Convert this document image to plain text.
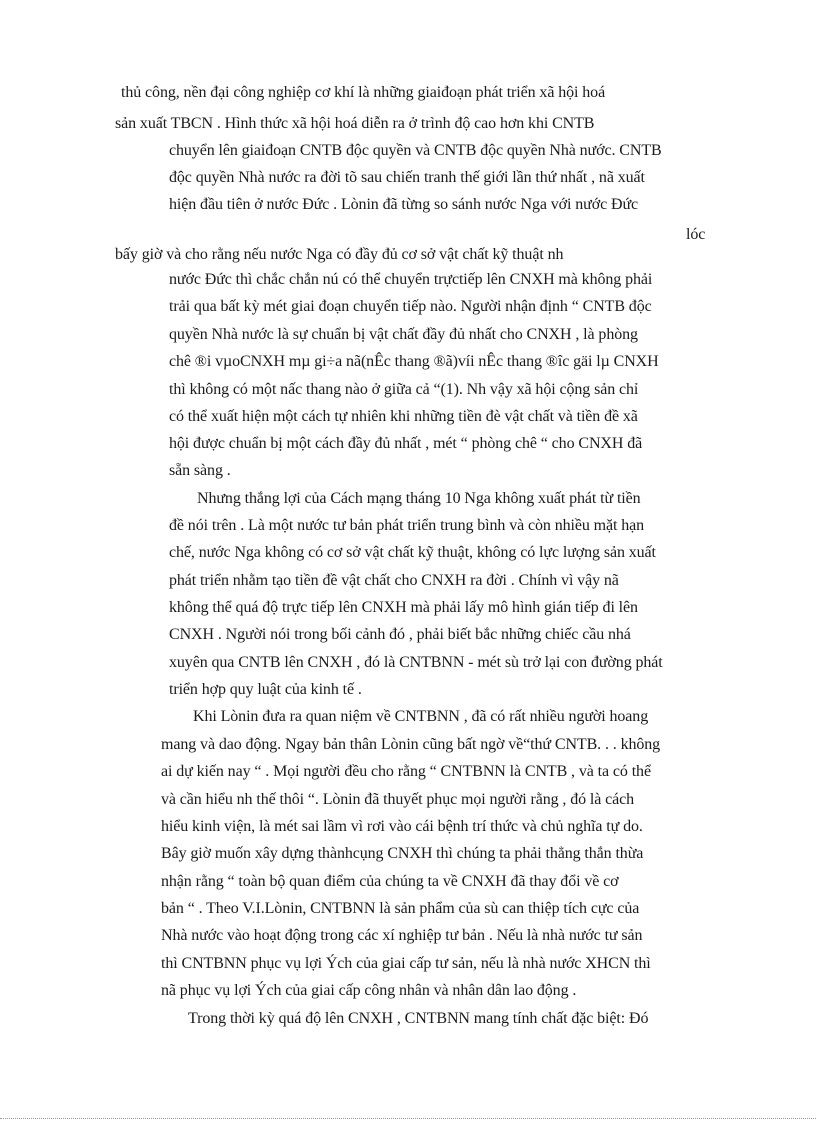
thủ công, nền đại công nghiệp cơ khí là những giaiđoạn phát triển xã hội hoá
sản xuất TBCN . Hình thức xã hội hoá diễn ra ở trình độ cao hơn khi CNTB
chuyển lên giaiđoạn CNTB độc quyền và CNTB độc quyền Nhà nước. CNTB
độc quyền Nhà nước ra đời tõ sau chiến tranh thế giới lần thứ nhất , nã xuất
hiện đầu tiên ở nước Đức . Lònin đã từng so sánh nước Nga với nước Đức
lóc
bấy giờ và cho rằng nếu nước Nga có đầy đủ cơ sở vật chất kỹ thuật nh
nước Đức thì chắc chắn nú có thể chuyển trựctiếp lên CNXH mà không phải
trải qua bất kỳ mét giai đoạn chuyển tiếp nào. Người nhận định “ CNTB độc
quyền Nhà nước là sự chuẩn bị vật chất đầy đủ nhất cho CNXH , là phòng
chê ®i vµoCNXH mµ gi÷a nã(nÊc thang ®ã)víi nÊc thang ®îc gäi lµ CNXH
thì không có một nấc thang nào ở giữa cả “(1). Nh vậy xã hội cộng sản chỉ
có thể xuất hiện một cách tự nhiên khi những tiền đè vật chất và tiền đề xã
hội được chuẩn bị một cách đầy đủ nhất , mét “ phòng chê “ cho CNXH đã
sẵn sàng .
Nhưng thắng lợi của Cách mạng tháng 10 Nga không xuất phát từ tiền
đề nói trên . Là một nước tư bản phát triển trung bình và còn nhiều mặt hạn
chế, nước Nga không có cơ sở vật chất kỹ thuật, không có lực lượng sản xuất
phát triển nhằm tạo tiền đề vật chất cho CNXH ra đời . Chính vì vậy nã
không thể quá độ trực tiếp lên CNXH mà phải lấy mô hình gián tiếp đi lên
CNXH . Người nói trong bối cảnh đó , phải biết bắc những chiếc cầu nhá
xuyên qua CNTB lên CNXH , đó là CNTBNN - mét sù trở lại con đường phát
triển hợp quy luật của kinh tế .
Khi Lònin đưa ra quan niệm về CNTBNN , đã có rất nhiều người hoang
mang và dao động. Ngay bản thân Lònin cũng bất ngờ về“thứ CNTB. . . không
ai dự kiến nay “ . Mọi người đều cho rằng “ CNTBNN là CNTB , và ta có thể
và cần hiểu nh thế thôi “. Lònin đã thuyết phục mọi người rằng , đó là cách
hiểu kinh viện, là mét sai lầm vì rơi vào cái bệnh trí thức và chủ nghĩa tự do.
Bây giờ muốn xây dựng thànhcụng CNXH thì chúng ta phải thẳng thắn thừa
nhận rằng “ toàn bộ quan điểm của chúng ta về CNXH đã thay đổi về cơ
bản “ . Theo V.I.Lònin, CNTBNN là sản phẩm của sù can thiệp tích cực của
Nhà nước vào hoạt động trong các xí nghiệp tư bản . Nếu là nhà nước tư sản
thì CNTBNN phục vụ lợi Ých của giai cấp tư sản, nếu là nhà nước XHCN thì
nã phục vụ lợi Ých của giai cấp công nhân và nhân dân lao động .
Trong thời kỳ quá độ lên CNXH , CNTBNN mang tính chất đặc biệt: Đó
